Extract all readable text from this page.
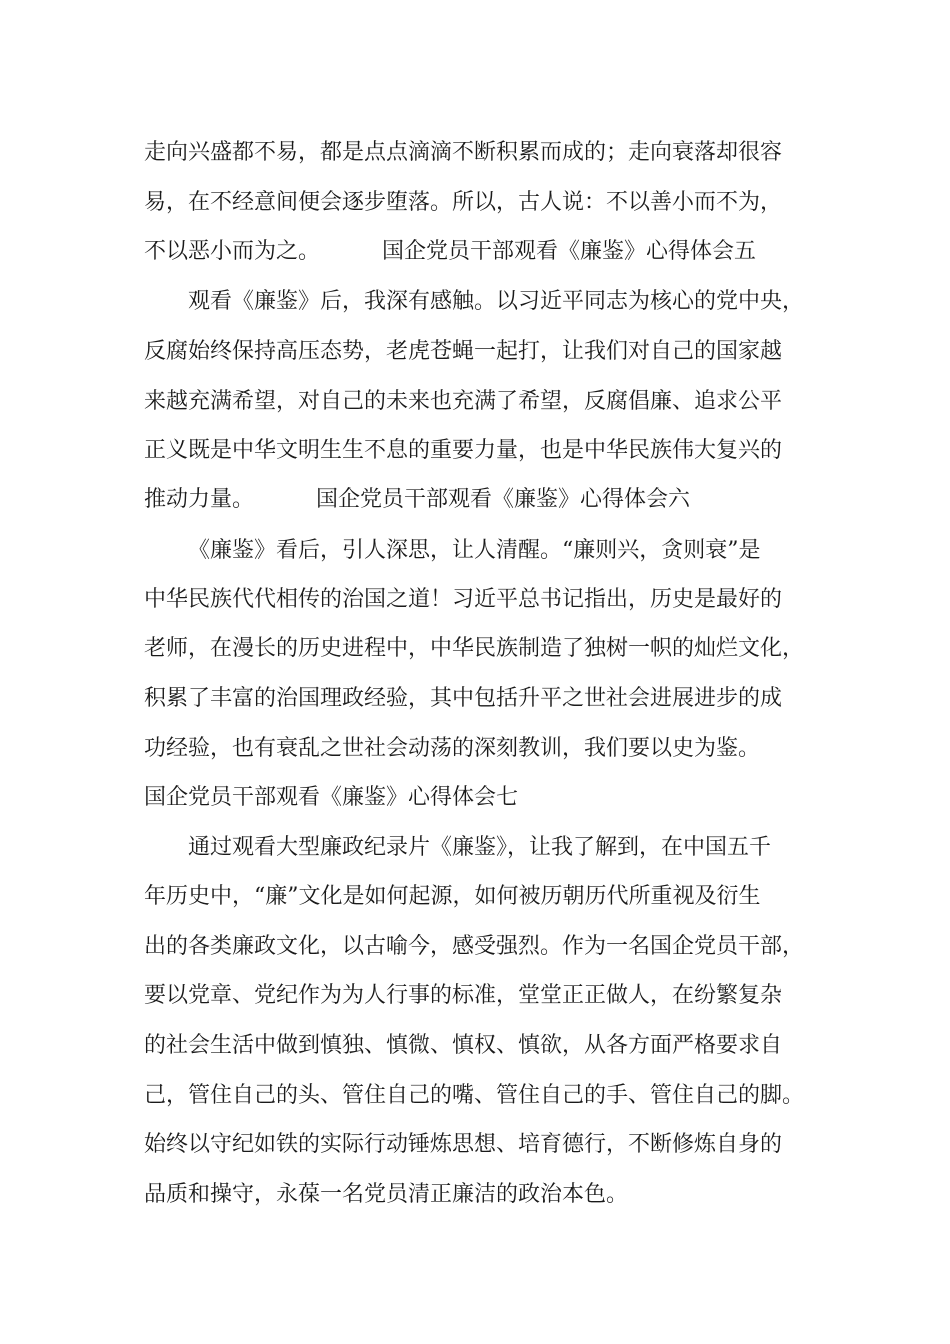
走向兴盛都不易，都是点点滴滴不断积累而成的；走向衰落却很容
易，在不经意间便会逐步堕落。所以，古人说：不以善小而不为，
不以恶小而为之。	国企党员干部观看《廉鉴》心得体会五
观看《廉鉴》后，我深有感触。以习近平同志为核心的党中央，
反腐始终保持高压态势，老虎苍蝇一起打，让我们对自己的国家越
来越充满希望，对自己的未来也充满了希望，反腐倡廉、追求公平
正义既是中华文明生生不息的重要力量，也是中华民族伟大复兴的
推动力量。	国企党员干部观看《廉鉴》心得体会六
《廉鉴》看后，引人深思，让人清醒。“廉则兴，贪则衰”是
中华民族代代相传的治国之道！习近平总书记指出，历史是最好的
老师，在漫长的历史进程中，中华民族制造了独树一帜的灿烂文化，
积累了丰富的治国理政经验，其中包括升平之世社会进展进步的成
功经验，也有衰乱之世社会动荡的深刻教训，我们要以史为鉴。
国企党员干部观看《廉鉴》心得体会七
通过观看大型廉政纪录片《廉鉴》，让我了解到，在中国五千
年历史中，“廉”文化是如何起源，如何被历朝历代所重视及衍生
出的各类廉政文化，以古喻今，感受强烈。作为一名国企党员干部，
要以党章、党纪作为为人行事的标准，堂堂正正做人，在纷繁复杂
的社会生活中做到慎独、慎微、慎权、慎欲，从各方面严格要求自
己，管住自己的头、管住自己的嘴、管住自己的手、管住自己的脚。
始终以守纪如铁的实际行动锤炼思想、培育德行，不断修炼自身的
品质和操守，永葆一名党员清正廉洁的政治本色。
